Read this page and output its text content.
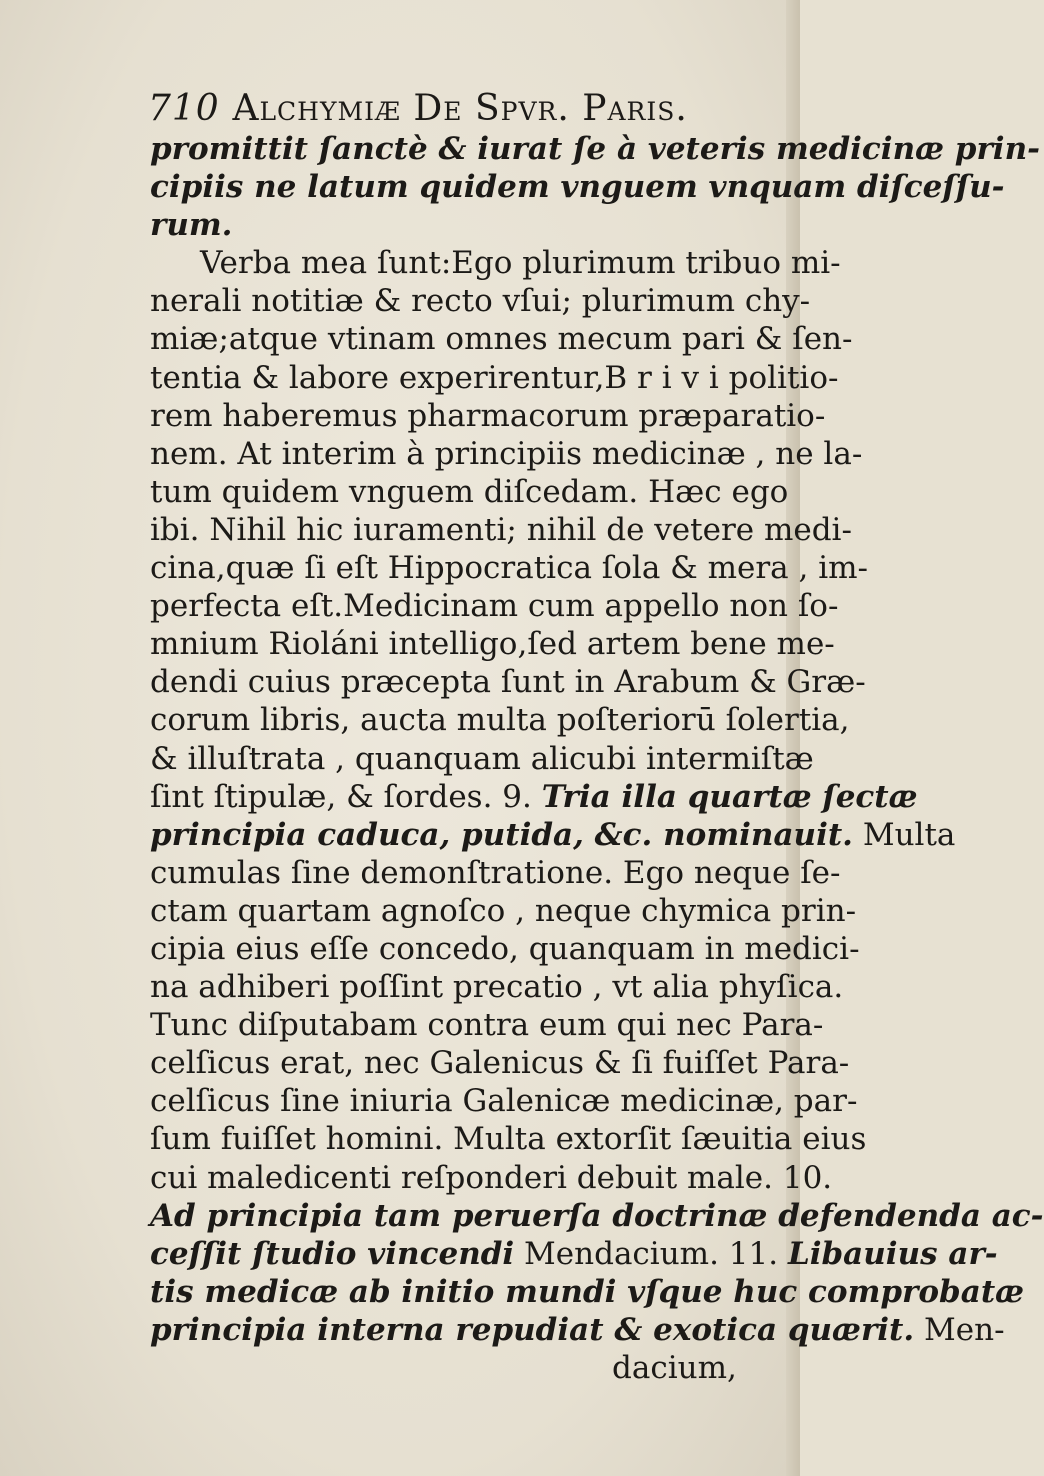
710 Alchymiæ De Spvr. Paris.
promittit ſanctè & iurat ſe à veteris medicinæ prin-
cipiis ne latum quidem vnguem vnquam diſceſſu-
rum.
Verba mea ſunt:Ego plurimum tribuo mi-
nerali notitiæ & recto vſui; plurimum chy-
miæ;atque vtinam omnes mecum pari & ſen-
tentia & labore experirentur,B r i v i politio-
rem haberemus pharmacorum præparatio-
nem. At interim à principiis medicinæ , ne la-
tum quidem vnguem diſcedam. Hæc ego
ibi. Nihil hic iuramenti; nihil de vetere medi-
cina,quæ ſi eſt Hippocratica ſola & mera , im-
perfecta eſt.Medicinam cum appello non ſo-
mnium Rioláni intelligo,ſed artem bene me-
dendi cuius præcepta ſunt in Arabum & Græ-
corum libris, aucta multa poſteriorū ſolertia,
& illuſtrata , quanquam alicubi intermiſtæ
ſint ſtipulæ, & ſordes. 9. Tria illa quartæ ſectæ
principia caduca, putida, &c. nominauit. Multa
cumulas ſine demonſtratione. Ego neque ſe-
ctam quartam agnoſco , neque chymica prin-
cipia eius eſſe concedo, quanquam in medici-
na adhiberi poſſint precatio , vt alia phyſica.
Tunc diſputabam contra eum qui nec Para-
celſicus erat, nec Galenicus & ſi fuiſſet Para-
celſicus ſine iniuria Galenicæ medicinæ, par-
ſum fuiſſet homini. Multa extorſit ſæuitia eius
cui maledicenti reſponderi debuit male. 10.
Ad principia tam peruerſa doctrinæ defendenda ac-
ceſſit ſtudio vincendi Mendacium. 11. Libauius ar-
tis medicæ ab initio mundi vſque huc comprobatæ
principia interna repudiat & exotica quærit. Men-
dacium,
